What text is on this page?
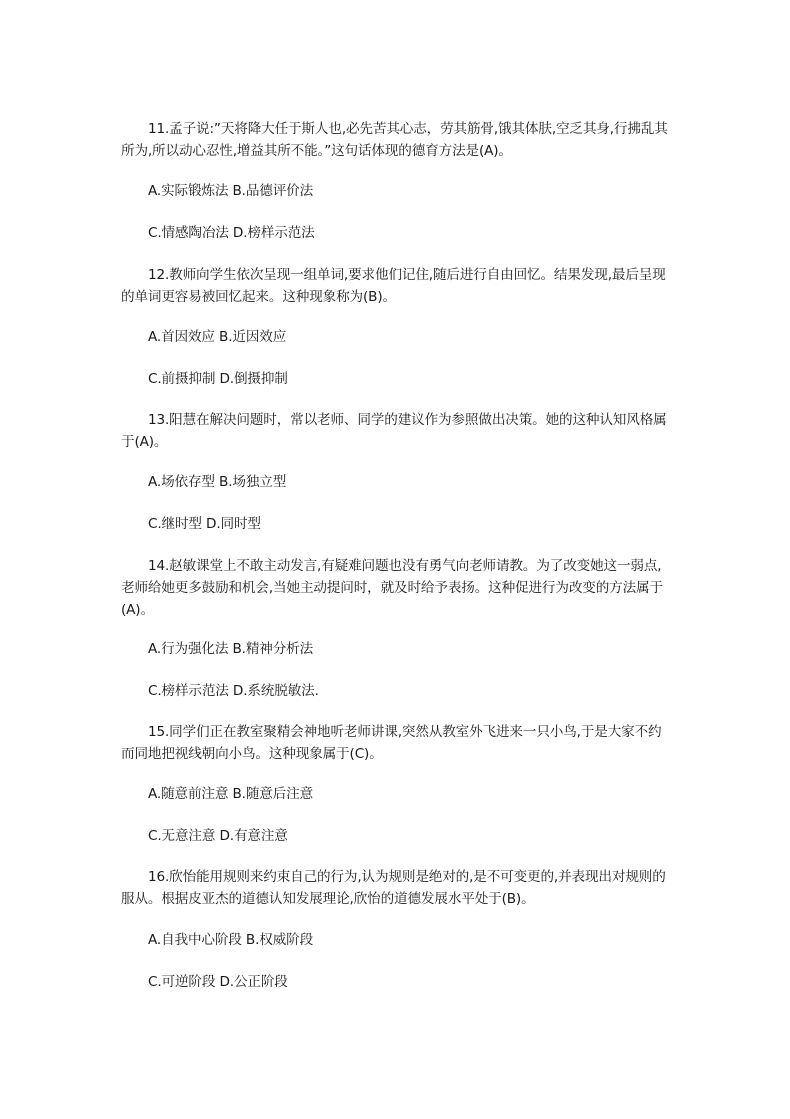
11.孟子说:”天将降大任于斯人也,必先苦其心志，劳其筋骨,饿其体肤,空乏其身,行拂乱其所为,所以动心忍性,增益其所不能。”这句话体现的德育方法是(A)。
A.实际锻炼法 B.品德评价法
C.情感陶冶法 D.榜样示范法
12.教师向学生依次呈现一组单词,要求他们记住,随后进行自由回忆。结果发现,最后呈现的单词更容易被回忆起来。这种现象称为(B)。
A.首因效应 B.近因效应
C.前摄抑制 D.倒摄抑制
13.阳慧在解决问题时，常以老师、同学的建议作为参照做出决策。她的这种认知风格属于(A)。
A.场依存型 B.场独立型
C.继时型 D.同时型
14.赵敏课堂上不敢主动发言,有疑难问题也没有勇气向老师请教。为了改变她这一弱点,老师给她更多鼓励和机会,当她主动提问时，就及时给予表扬。这种促进行为改变的方法属于(A)。
A.行为强化法 B.精神分析法
C.榜样示范法 D.系统脱敏法.
15.同学们正在教室聚精会神地听老师讲课,突然从教室外飞进来一只小鸟,于是大家不约而同地把视线朝向小鸟。这种现象属于(C)。
A.随意前注意 B.随意后注意
C.无意注意 D.有意注意
16.欣怡能用规则来约束自己的行为,认为规则是绝对的,是不可变更的,并表现出对规则的服从。根据皮亚杰的道德认知发展理论,欣怡的道德发展水平处于(B)。
A.自我中心阶段 B.权威阶段
C.可逆阶段 D.公正阶段
